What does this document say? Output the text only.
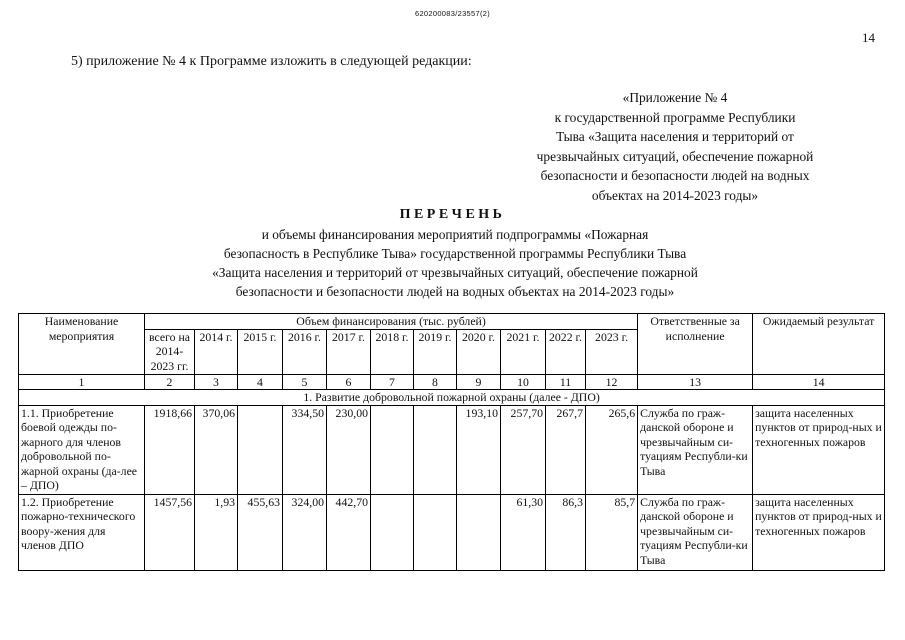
620200083/23557(2)
14
5) приложение № 4 к Программе изложить в следующей редакции:
«Приложение № 4
к государственной программе Республики
Тыва «Защита населения и территорий от
чрезвычайных ситуаций, обеспечение пожарной
безопасности и безопасности людей на водных
объектах на 2014-2023 годы»
ПЕРЕЧЕНЬ
и объемы финансирования мероприятий подпрограммы «Пожарная
безопасность в Республике Тыва» государственной программы Республики Тыва
«Защита населения и территорий от чрезвычайных ситуаций, обеспечение пожарной
безопасности и безопасности людей на водных объектах на 2014-2023 годы»
Наименование мероприятия	Объем финансирования (тыс. рублей)											Ответственные за исполнение	Ожидаемый результат
	всего на 2014-2023 гг.	2014 г.	2015 г.	2016 г.	2017 г.	2018 г.	2019 г.	2020 г.	2021 г.	2022 г.	2023 г.		
1	2	3	4	5	6	7	8	9	10	11	12	13	14
1. Развитие добровольной пожарной охраны (далее - ДПО)													
1.1. Приобретение боевой одежды по-жарного для членов добровольной по-жарной охраны (да-лее – ДПО)	1918,66	370,06		334,50	230,00			193,10	257,70	267,7	265,6	Служба по граж-данской обороне и чрезвычайным си-туациям Республи-ки Тыва	защита населенных пунктов от природ-ных и техногенных пожаров
1.2. Приобретение пожарно-технического воору-жения для членов ДПО	1457,56	1,93	455,63	324,00	442,70				61,30	86,3	85,7	Служба по граж-данской обороне и чрезвычайным си-туациям Республи-ки Тыва	защита населенных пунктов от природ-ных и техногенных пожаров
